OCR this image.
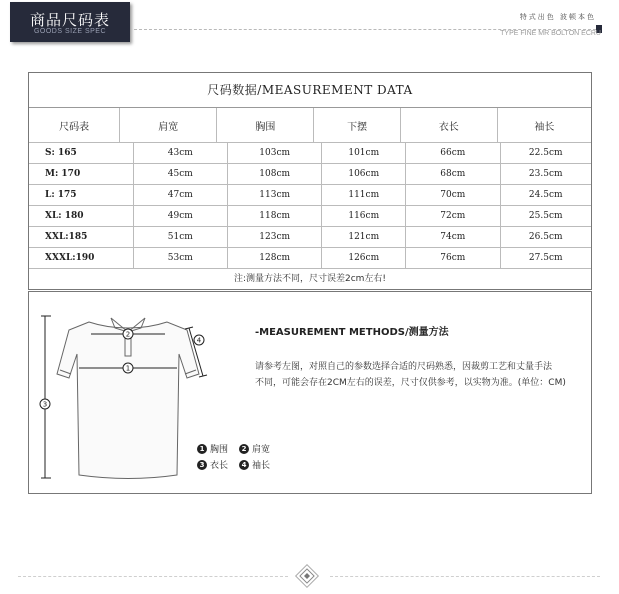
商品尺码表
GOODS SIZE SPEC
特式出色 波顿本色
TYPE FINE MR BOLTON ECRU
尺码数据/MEASUREMENT DATA
尺码表	肩宽	胸围	下摆	衣长	袖长
S: 165	43cm	103cm	101cm	66cm	22.5cm
M: 170	45cm	108cm	106cm	68cm	23.5cm
L: 175	47cm	113cm	111cm	70cm	24.5cm
XL: 180	49cm	118cm	116cm	72cm	25.5cm
XXL:185	51cm	123cm	121cm	74cm	26.5cm
XXXL:190	53cm	128cm	126cm	76cm	27.5cm
注:测量方法不同，尺寸误差2cm左右!
1
2
3
4
-MEASUREMENT METHODS/测量方法
请参考左图，对照自己的参数选择合适的尺码熟悉，因裁剪工艺和丈量手法
不同，可能会存在2CM左右的误差，尺寸仅供参考，以实物为准。(单位：CM)
1 胸围	2 肩宽
3 衣长	4 袖长
